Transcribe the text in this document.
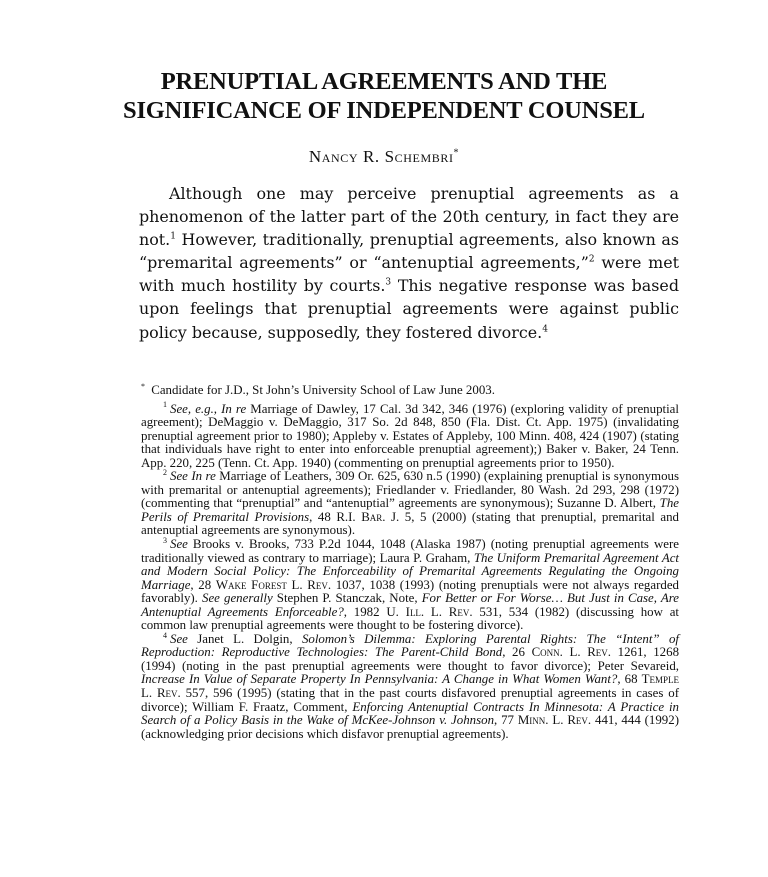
PRENUPTIAL AGREEMENTS AND THE
SIGNIFICANCE OF INDEPENDENT COUNSEL
Nancy R. Schembri*

Although one may perceive prenuptial agreements as a phenomenon of the latter part of the 20th century, in fact they are not.$^1$ However, traditionally, prenuptial agreements, also known as “premarital agreements” or “antenuptial agreements,”$^2$ were met with much hostility by courts.$^3$ This negative response was based upon feelings that prenuptial agreements were against public policy because, supposedly, they fostered divorce.$^4$

* Candidate for J.D., St John’s University School of Law June 2003.

$^1$ See, e.g., In re Marriage of Dawley, 17 Cal. 3d 342, 346 (1976) (exploring validity of prenuptial agreement); DeMaggio v. DeMaggio, 317 So. 2d 848, 850 (Fla. Dist. Ct. App. 1975) (invalidating prenuptial agreement prior to 1980); Appleby v. Estates of Appleby, 100 Minn. 408, 424 (1907) (stating that individuals have right to enter into enforceable prenuptial agreement);) Baker v. Baker, 24 Tenn. App. 220, 225 (Tenn. Ct. App. 1940) (commenting on prenuptial agreements prior to 1950).

$^2$ See In re Marriage of Leathers, 309 Or. 625, 630 n.5 (1990) (explaining prenuptial is synonymous with premarital or antenuptial agreements); Friedlander v. Friedlander, 80 Wash. 2d 293, 298 (1972) (commenting that “prenuptial” and “antenuptial” agreements are synonymous); Suzanne D. Albert, The Perils of Premarital Provisions, 48 R.I. Bar. J. 5, 5 (2000) (stating that prenuptial, premarital and antenuptial agreements are synonymous).

$^3$ See Brooks v. Brooks, 733 P.2d 1044, 1048 (Alaska 1987) (noting prenuptial agreements were traditionally viewed as contrary to marriage); Laura P. Graham, The Uniform Premarital Agreement Act and Modern Social Policy: The Enforceability of Premarital Agreements Regulating the Ongoing Marriage, 28 Wake Forest L. Rev. 1037, 1038 (1993) (noting prenuptials were not always regarded favorably). See generally Stephen P. Stanczak, Note, For Better or For Worse… But Just in Case, Are Antenuptial Agreements Enforceable?, 1982 U. Ill. L. Rev. 531, 534 (1982) (discussing how at common law prenuptial agreements were thought to be fostering divorce).

$^4$ See Janet L. Dolgin, Solomon’s Dilemma: Exploring Parental Rights: The “Intent” of Reproduction: Reproductive Technologies: The Parent-Child Bond, 26 Conn. L. Rev. 1261, 1268 (1994) (noting in the past prenuptial agreements were thought to favor divorce); Peter Sevareid, Increase In Value of Separate Property In Pennsylvania: A Change in What Women Want?, 68 Temple L. Rev. 557, 596 (1995) (stating that in the past courts disfavored prenuptial agreements in cases of divorce); William F. Fraatz, Comment, Enforcing Antenuptial Contracts In Minnesota: A Practice in Search of a Policy Basis in the Wake of McKee-Johnson v. Johnson, 77 Minn. L. Rev. 441, 444 (1992) (acknowledging prior decisions which disfavor prenuptial agreements).
